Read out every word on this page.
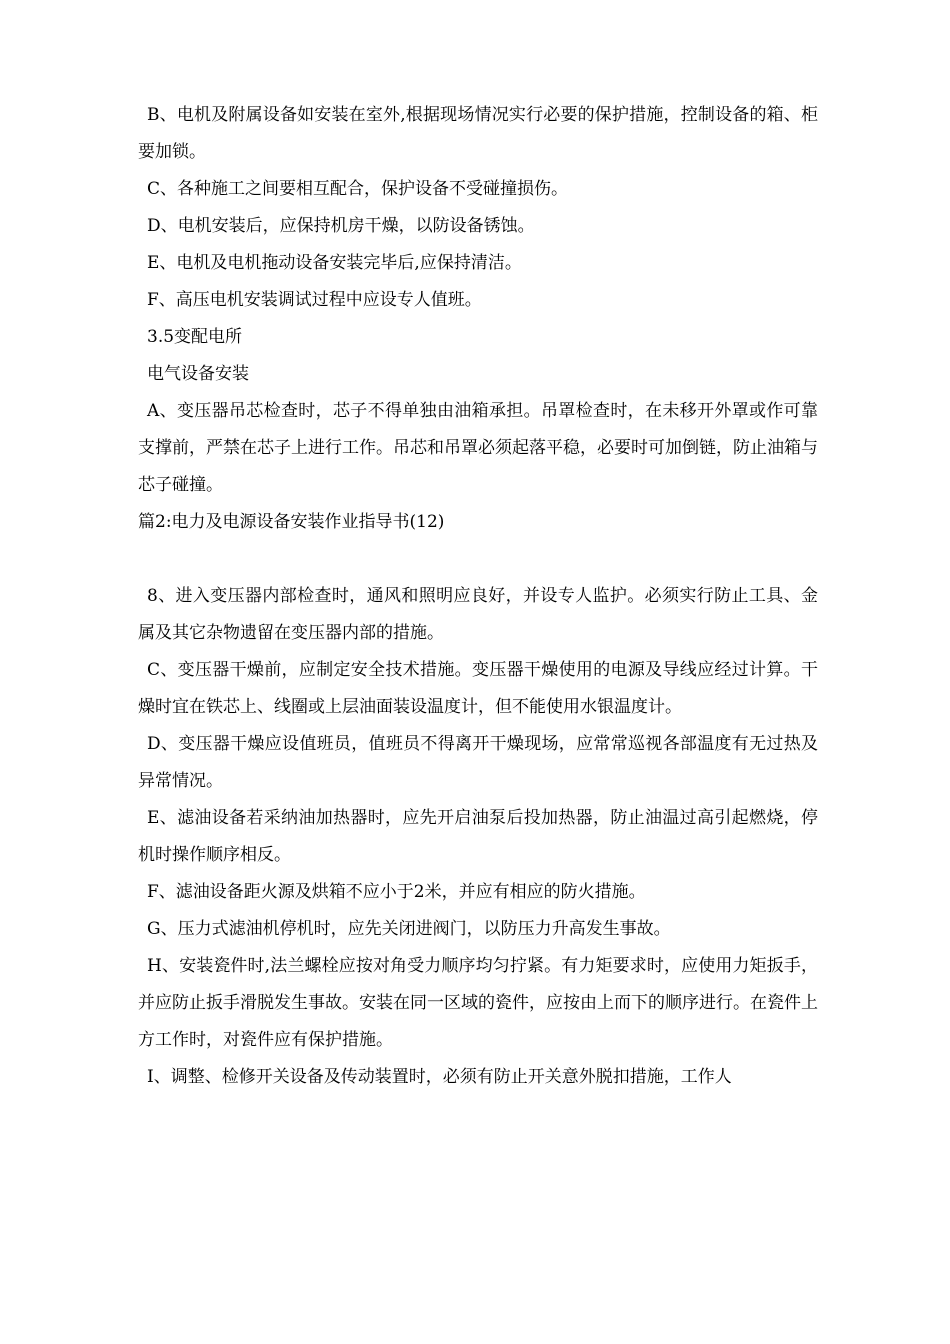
B、电机及附属设备如安装在室外,根据现场情况实行必要的保护措施，控制设备的箱、柜要加锁。

C、各种施工之间要相互配合，保护设备不受碰撞损伤。

D、电机安装后，应保持机房干燥，以防设备锈蚀。

E、电机及电机拖动设备安装完毕后,应保持清洁。

F、高压电机安装调试过程中应设专人值班。

3.5变配电所

电气设备安装

A、变压器吊芯检查时，芯子不得单独由油箱承担。吊罩检查时，在未移开外罩或作可靠支撑前，严禁在芯子上进行工作。吊芯和吊罩必须起落平稳，必要时可加倒链，防止油箱与芯子碰撞。

篇2:电力及电源设备安装作业指导书(12)

8、进入变压器内部检查时，通风和照明应良好，并设专人监护。必须实行防止工具、金属及其它杂物遗留在变压器内部的措施。

C、变压器干燥前，应制定安全技术措施。变压器干燥使用的电源及导线应经过计算。干燥时宜在铁芯上、线圈或上层油面装设温度计，但不能使用水银温度计。

D、变压器干燥应设值班员，值班员不得离开干燥现场，应常常巡视各部温度有无过热及异常情况。

E、滤油设备若采纳油加热器时，应先开启油泵后投加热器，防止油温过高引起燃烧，停机时操作顺序相反。

F、滤油设备距火源及烘箱不应小于2米，并应有相应的防火措施。

G、压力式滤油机停机时，应先关闭进阀门，以防压力升高发生事故。

H、安装瓷件时,法兰螺栓应按对角受力顺序均匀拧紧。有力矩要求时，应使用力矩扳手，并应防止扳手滑脱发生事故。安装在同一区域的瓷件，应按由上而下的顺序进行。在瓷件上方工作时，对瓷件应有保护措施。

I、调整、检修开关设备及传动装置时，必须有防止开关意外脱扣措施，工作人
